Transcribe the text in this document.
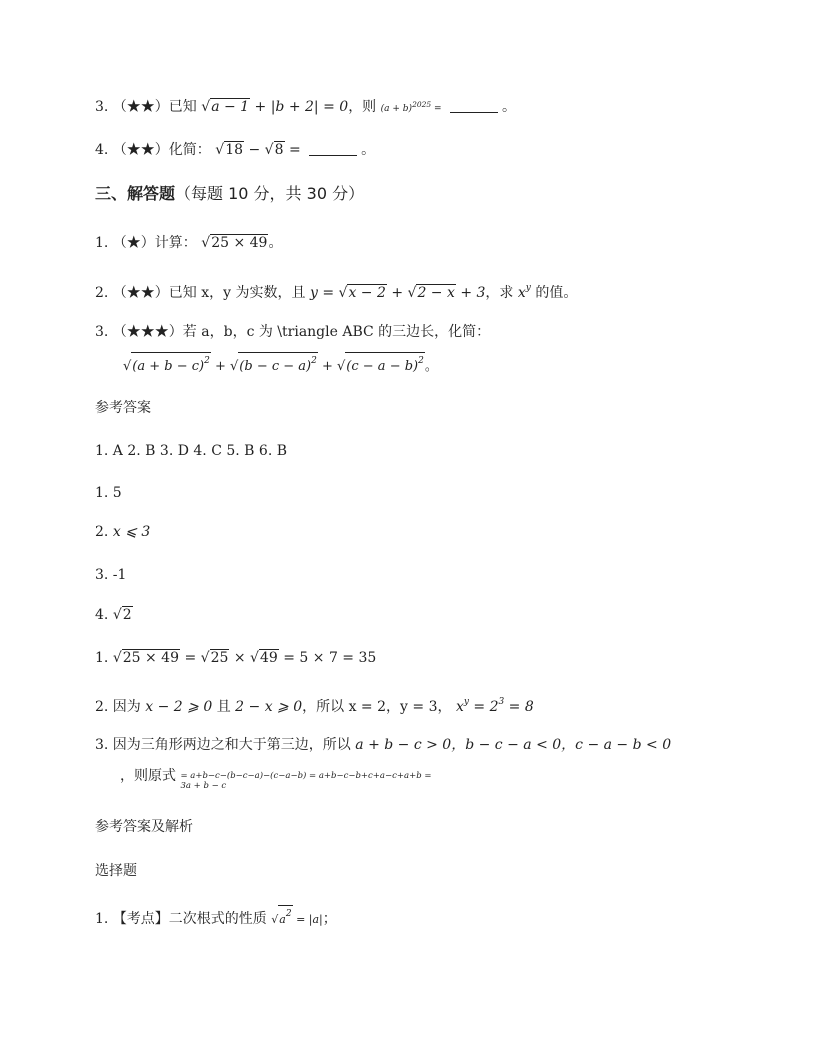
3. （★★）已知 √a − 1 + |b + 2| = 0，则 $(a + b)^{2025}$ =	。
4. （★★）化简： √18 − √8 =	。
三、解答题（每题 10 分，共 30 分）
1. （★）计算： √25 × 49。
2. （★★）已知 x，y 为实数，且 y = √x − 2 + √2 − x + 3，求 $x^y$ 的值。
3. （★★★）若 a，b，c 为 \triangle ABC 的三边长，化简：
$√(a + b - c)^2 + √(b - c - a)^2 + √(c - a - b)^2$。
参考答案
1. A 2. B 3. D 4. C 5. B 6. B
1. 5
2. x ⩽ 3
3. -1
4. √2
1. √25 × 49 = √25 × √49 = 5 × 7 = 35
2. 因为 x − 2 ⩾ 0 且 2 − x ⩾ 0，所以 x = 2，y = 3， $x^y = 2^3 = 8$
3. 因为三角形两边之和大于第三边，所以 a + b − c > 0，b − c − a < 0，c − a − b < 0
，则原式 = a+b−c−(b−c−a)−(c−a−b) = a+b−c−b+c+a−c+a+b =
3a + b − c
参考答案及解析
选择题
1. 【考点】二次根式的性质 $√a^2 = |a|$；
